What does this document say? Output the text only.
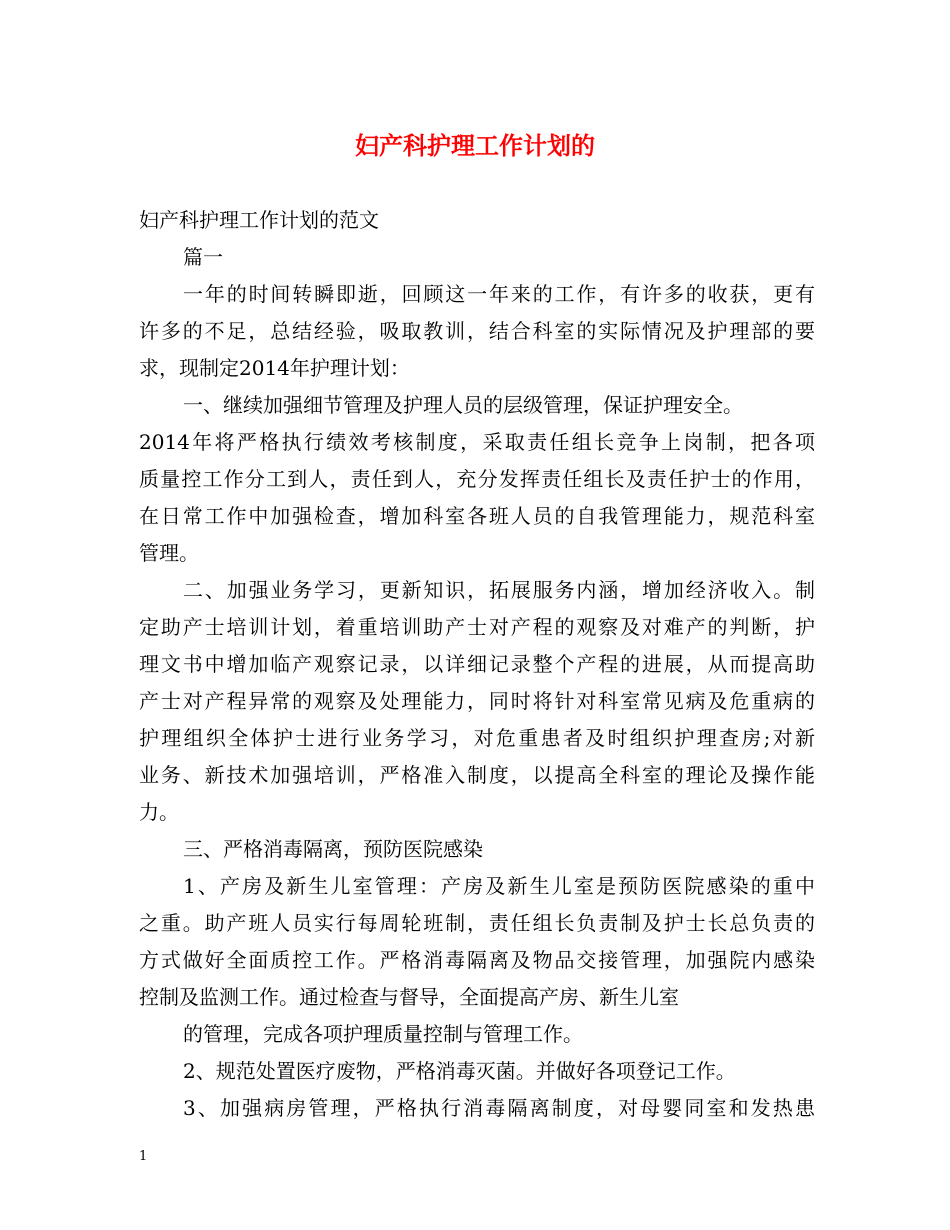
妇产科护理工作计划的
妇产科护理工作计划的范文
篇一
一年的时间转瞬即逝，回顾这一年来的工作，有许多的收获，更有
许多的不足，总结经验，吸取教训，结合科室的实际情况及护理部的要
求，现制定2014年护理计划：
一、继续加强细节管理及护理人员的层级管理，保证护理安全。
2014年将严格执行绩效考核制度，采取责任组长竞争上岗制，把各项
质量控工作分工到人，责任到人，充分发挥责任组长及责任护士的作用，
在日常工作中加强检查，增加科室各班人员的自我管理能力，规范科室
管理。
二、加强业务学习，更新知识，拓展服务内涵，增加经济收入。制
定助产士培训计划，着重培训助产士对产程的观察及对难产的判断，护
理文书中增加临产观察记录，以详细记录整个产程的进展，从而提高助
产士对产程异常的观察及处理能力，同时将针对科室常见病及危重病的
护理组织全体护士进行业务学习，对危重患者及时组织护理查房;对新
业务、新技术加强培训，严格准入制度，以提高全科室的理论及操作能
力。
三、严格消毒隔离，预防医院感染
1、产房及新生儿室管理：产房及新生儿室是预防医院感染的重中
之重。助产班人员实行每周轮班制，责任组长负责制及护士长总负责的
方式做好全面质控工作。严格消毒隔离及物品交接管理，加强院内感染
控制及监测工作。通过检查与督导，全面提高产房、新生儿室
的管理，完成各项护理质量控制与管理工作。
2、规范处置医疗废物，严格消毒灭菌。并做好各项登记工作。
3、加强病房管理，严格执行消毒隔离制度，对母婴同室和发热患
1
